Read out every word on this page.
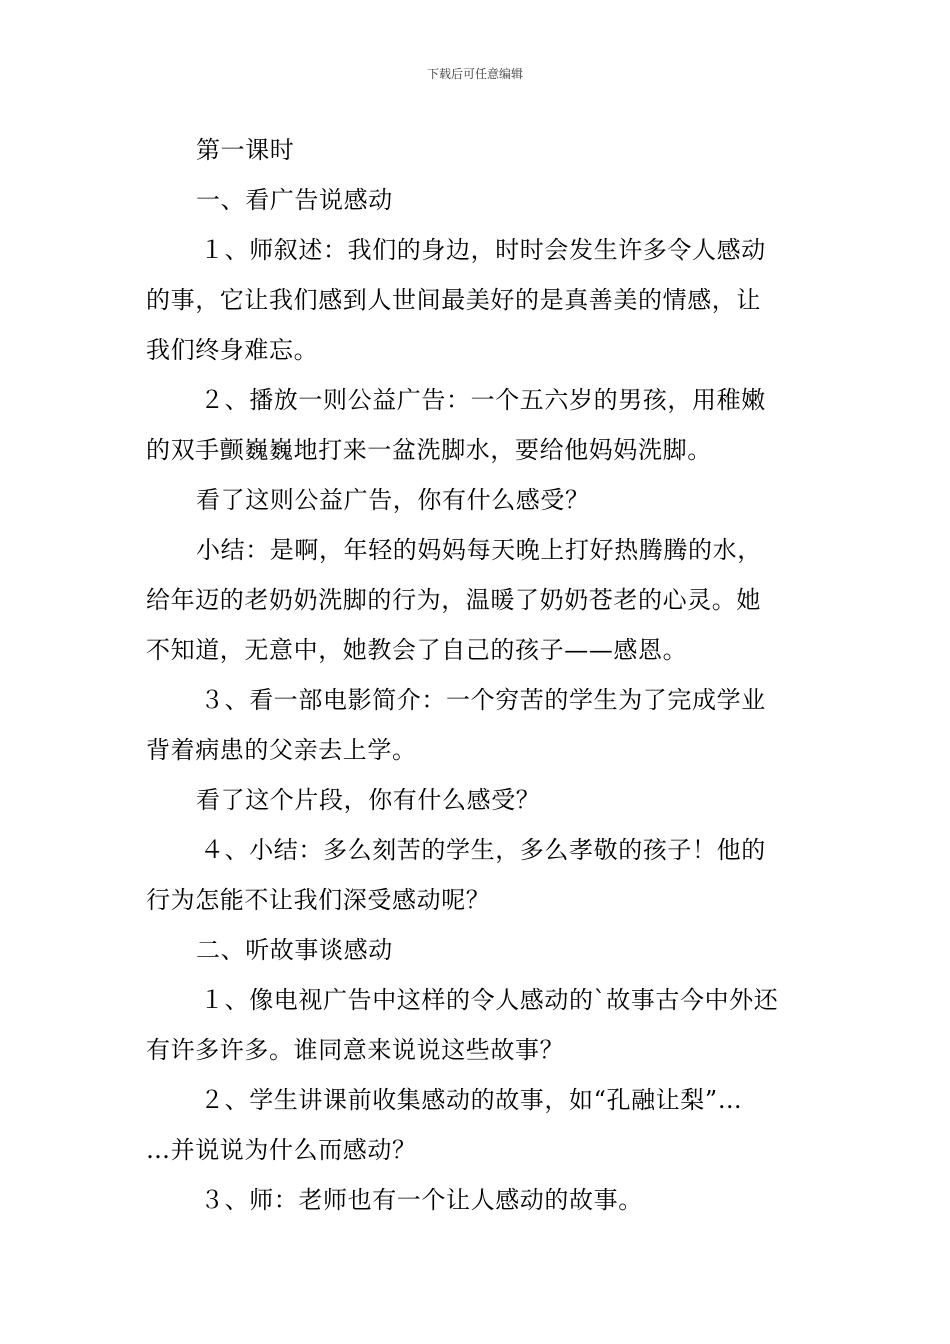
下载后可任意编辑
第一课时
一、看广告说感动
１、师叙述：我们的身边，时时会发生许多令人感动
的事，它让我们感到人世间最美好的是真善美的情感，让
我们终身难忘。
２、播放一则公益广告：一个五六岁的男孩，用稚嫩
的双手颤巍巍地打来一盆洗脚水，要给他妈妈洗脚。
看了这则公益广告，你有什么感受？
小结：是啊，年轻的妈妈每天晚上打好热腾腾的水，
给年迈的老奶奶洗脚的行为，温暖了奶奶苍老的心灵。她
不知道，无意中，她教会了自己的孩子——感恩。
３、看一部电影简介：一个穷苦的学生为了完成学业
背着病患的父亲去上学。
看了这个片段，你有什么感受？
４、小结：多么刻苦的学生，多么孝敬的孩子！他的
行为怎能不让我们深受感动呢？
二、听故事谈感动
１、像电视广告中这样的令人感动的`故事古今中外还
有许多许多。谁同意来说说这些故事？
２、学生讲课前收集感动的故事，如“孔融让梨”…
…并说说为什么而感动？
３、师：老师也有一个让人感动的故事。
